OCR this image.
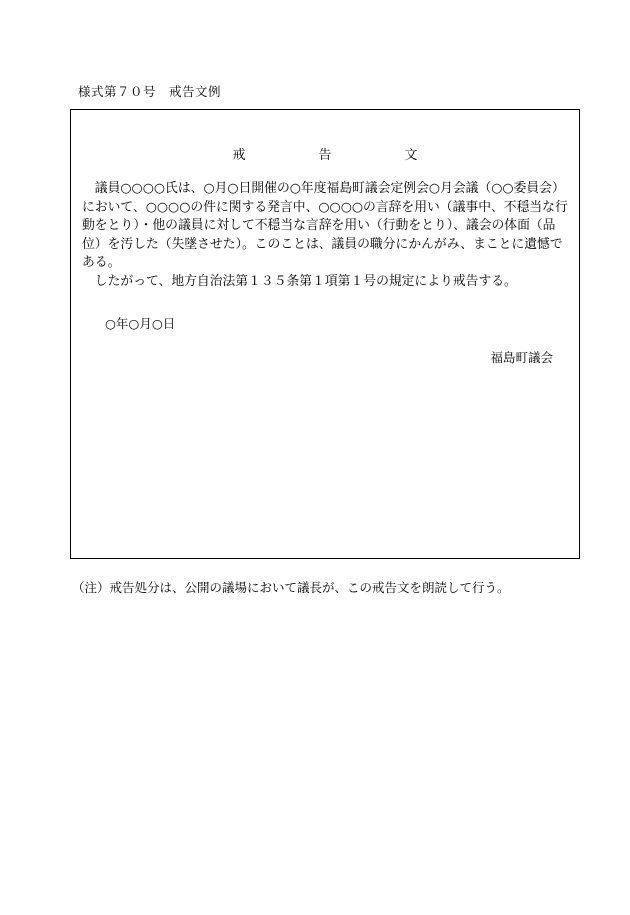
様式第７０号　戒告文例
戒　告　文

議員○○○○氏は、○月○日開催の○年度福島町議会定例会○月会議（○○委員会）において、○○○○の件に関する発言中、○○○○の言辞を用い（議事中、不穏当な行動をとり）・他の議員に対して不穏当な言辞を用い（行動をとり）、議会の体面（品位）を汚した（失墜させた）。このことは、議員の職分にかんがみ、まことに遺憾である。

したがって、地方自治法第１３５条第１項第１号の規定により戒告する。

○年○月○日
福島町議会
（注）戒告処分は、公開の議場において議長が、この戒告文を朗読して行う。
